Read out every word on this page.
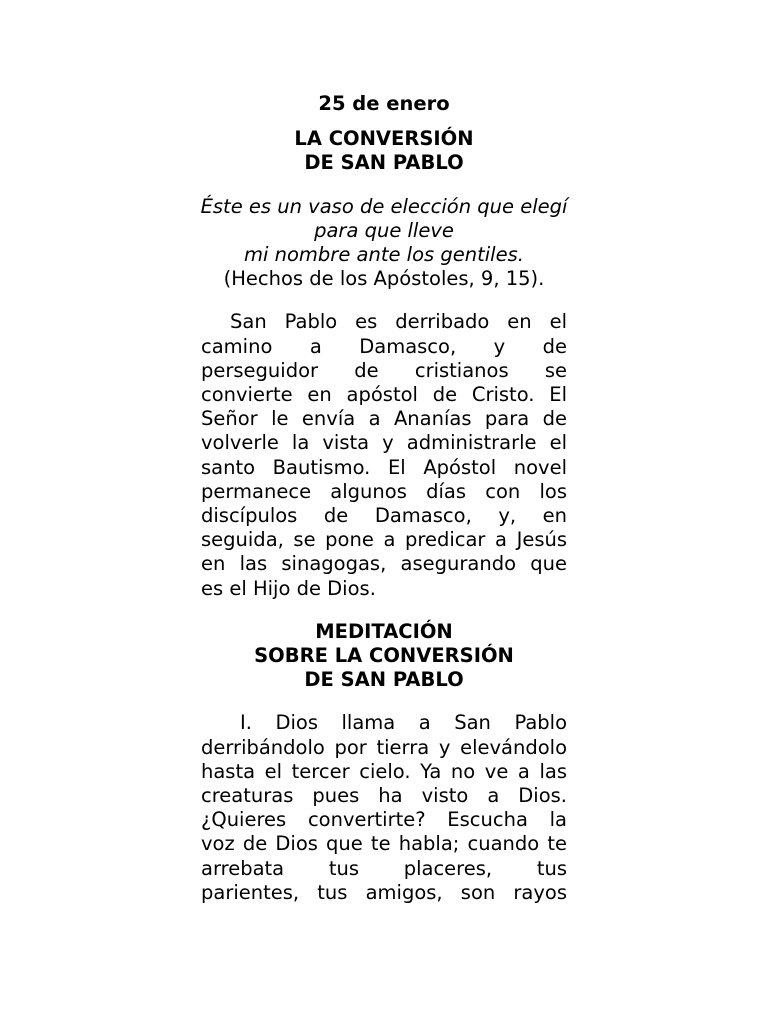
25 de enero
LA CONVERSIÓN
DE SAN PABLO
Éste es un vaso de elección que elegí
para que lleve
mi nombre ante los gentiles.
(Hechos de los Apóstoles, 9, 15).
San Pablo es derribado en el
camino a Damasco, y de
perseguidor de cristianos se
convierte en apóstol de Cristo. El
Señor le envía a Ananías para de
volverle la vista y administrarle el
santo Bautismo. El Apóstol novel
permanece algunos días con los
discípulos de Damasco, y, en
seguida, se pone a predicar a Jesús
en las sinagogas, asegurando que
es el Hijo de Dios.
MEDITACIÓN
SOBRE LA CONVERSIÓN
DE SAN PABLO
I. Dios llama a San Pablo
derribándolo por tierra y elevándolo
hasta el tercer cielo. Ya no ve a las
creaturas pues ha visto a Dios.
¿Quieres convertirte? Escucha la
voz de Dios que te habla; cuando te
arrebata tus placeres, tus
parientes, tus amigos, son rayos
